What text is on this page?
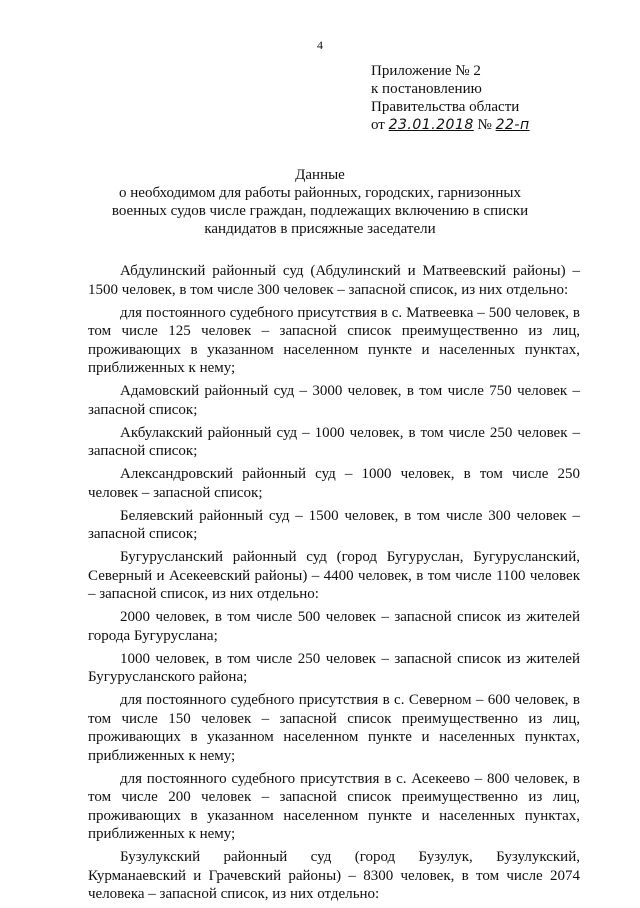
4
Приложение № 2
к постановлению
Правительства области
от 23.01.2018 № 22-п
Данные
о необходимом для работы районных, городских, гарнизонных
военных судов числе граждан, подлежащих включению в списки
кандидатов в присяжные заседатели

Абдулинский районный суд (Абдулинский и Матвеевский районы) – 1500 человек, в том числе 300 человек – запасной список, из них отдельно:

для постоянного судебного присутствия в с. Матвеевка – 500 человек, в том числе 125 человек – запасной список преимущественно из лиц, проживающих в указанном населенном пункте и населенных пунктах, приближенных к нему;

Адамовский районный суд – 3000 человек, в том числе 750 человек – запасной список;

Акбулакский районный суд – 1000 человек, в том числе 250 человек – запасной список;

Александровский районный суд – 1000 человек, в том числе 250 человек – запасной список;

Беляевский районный суд – 1500 человек, в том числе 300 человек – запасной список;

Бугурусланский районный суд (город Бугуруслан, Бугурусланский, Северный и Асекеевский районы) – 4400 человек, в том числе 1100 человек – запасной список, из них отдельно:

2000 человек, в том числе 500 человек – запасной список из жителей города Бугуруслана;

1000 человек, в том числе 250 человек – запасной список из жителей Бугурусланского района;

для постоянного судебного присутствия в с. Северном – 600 человек, в том числе 150 человек – запасной список преимущественно из лиц, проживающих в указанном населенном пункте и населенных пунктах, приближенных к нему;

для постоянного судебного присутствия в с. Асекеево – 800 человек, в том числе 200 человек – запасной список преимущественно из лиц, проживающих в указанном населенном пункте и населенных пунктах, приближенных к нему;

Бузулукский районный суд (город Бузулук, Бузулукский, Курманаевский и Грачевский районы) – 8300 человек, в том числе 2074 человека – запасной список, из них отдельно:
